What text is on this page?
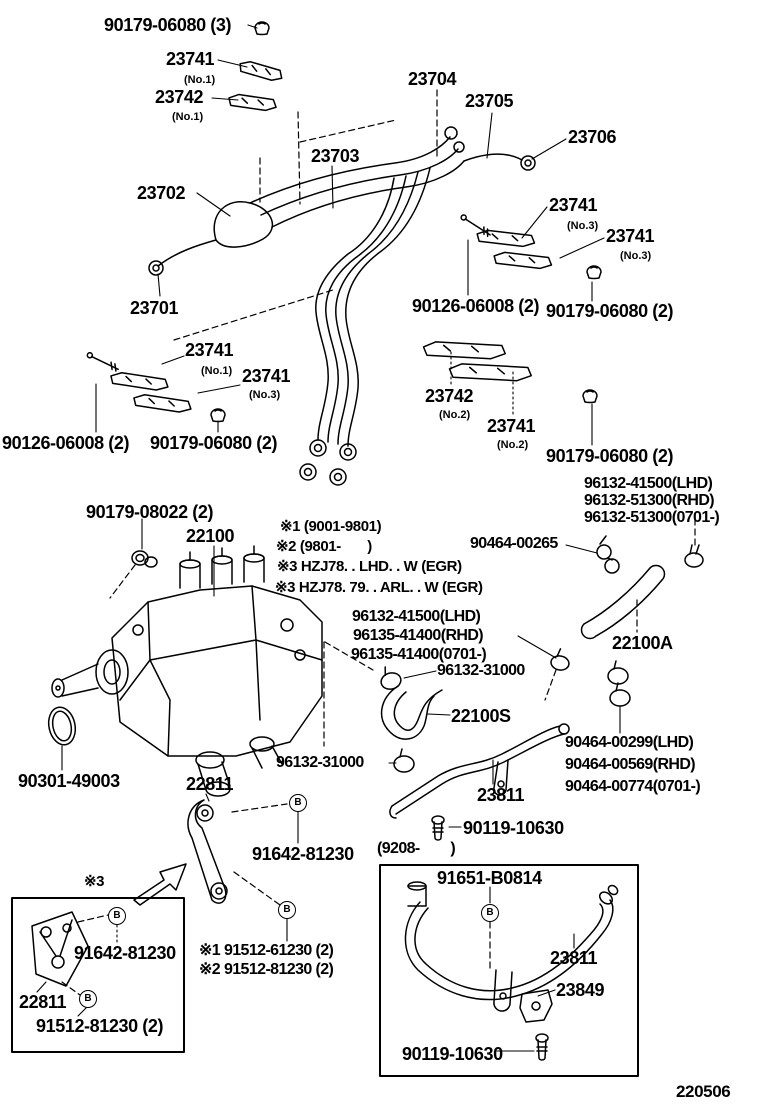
90179-06080 (3)
23741
(No.1)
23742
(No.1)
23704
23705
23703
23706
23702
23701
23741
(No.3) 23741
(No.3)
90126-06008 (2) 90179-06080 (2)
23741
(No.1) 23741
(No.3)	23742
(No.2)
23741
(No.2)
90126-06008 (2) 90179-06080 (2)
90179-06080 (2)
96132-41500(LHD)
96132-51300(RHD)
96132-51300(0701-)
90179-08022 (2)
22100	※1 (9001-9801)
※2 (9801-       )	90464-00265
※3 HZJ78. . LHD. . W (EGR)
※3 HZJ78. 79. . ARL. . W (EGR)
96132-41500(LHD)
96135-41400(RHD)
96135-41400(0701-)
22100A
96132-31000
22100S
96132-31000
90464-00299(LHD)
90464-00569(RHD)
90464-00774(0701-)
23811
22811
90301-49003
90119-10630
91642-81230 (9208-        )
91651-B0814
※3
91642-81230
22811
91512-81230 (2)
※1 91512-61230 (2)
※2 91512-81230 (2)
23811
23849
90119-10630
220506
B
B
B
B
B
